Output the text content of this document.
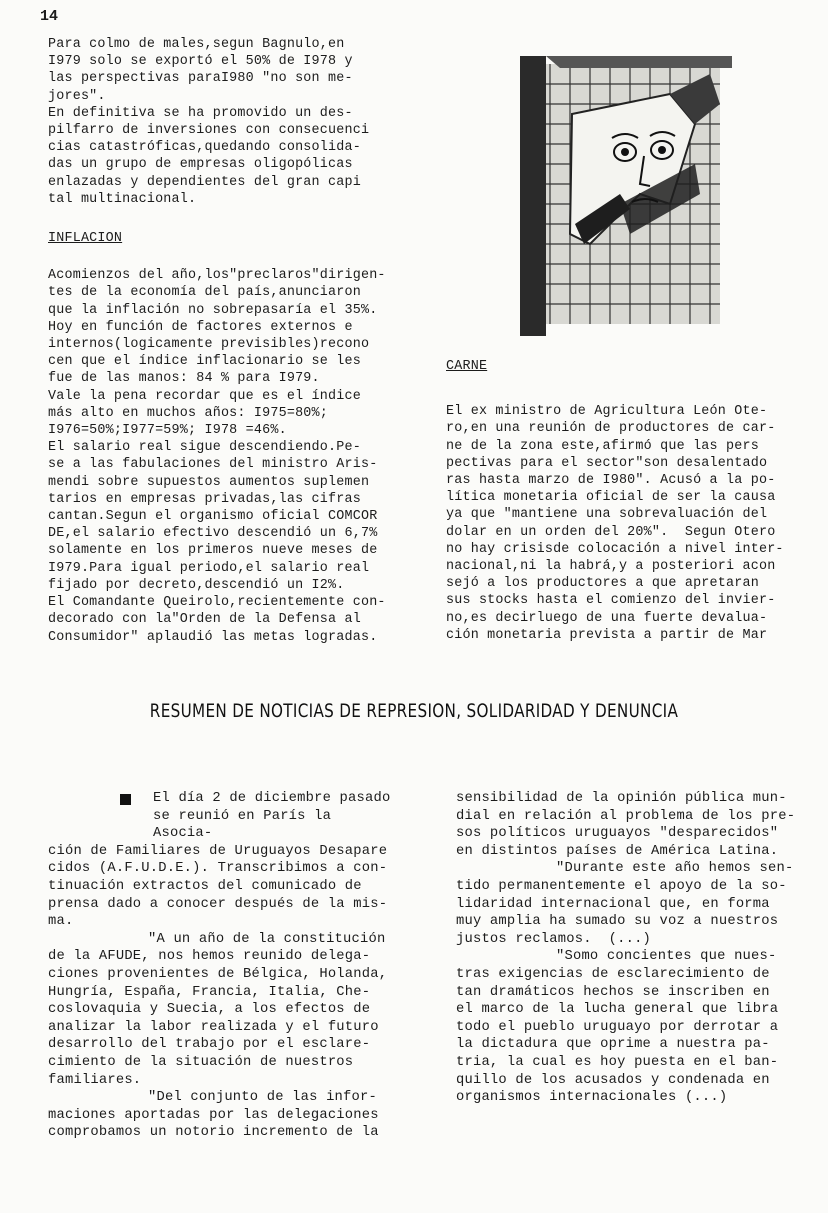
14

Para colmo de males,segun Bagnulo,en
I979 solo se exportó el 50% de I978 y
las perspectivas paraI980 "no son me-
jores".
En definitiva se ha promovido un des-
pilfarro de inversiones con consecuenci
cias catastróficas,quedando consolida-
das un grupo de empresas oligopólicas
enlazadas y dependientes del gran capi
tal multinacional.

INFLACION

Acomienzos del año,los"preclaros"dirigen-
tes de la economía del país,anunciaron
que la inflación no sobrepasaría el 35%.
Hoy en función de factores externos e
internos(logicamente previsibles)recono
cen que el índice inflacionario se les
fue de las manos: 84 % para I979.
Vale la pena recordar que es el índice
más alto en muchos años: I975=80%;
I976=50%;I977=59%; I978 =46%.
El salario real sigue descendiendo.Pe-
se a las fabulaciones del ministro Aris-
mendi sobre supuestos aumentos suplemen
tarios en empresas privadas,las cifras
cantan.Segun el organismo oficial COMCOR
DE,el salario efectivo descendió un 6,7%
solamente en los primeros nueve meses de
I979.Para igual periodo,el salario real
fijado por decreto,descendió un I2%.
El Comandante Queirolo,recientemente con-
decorado con la"Orden de la Defensa al
Consumidor" aplaudió las metas logradas.

CARNE

El ex ministro de Agricultura León Ote-
ro,en una reunión de productores de car-
ne de la zona este,afirmó que las pers
pectivas para el sector"son desalentado
ras hasta marzo de I980". Acusó a la po-
lítica monetaria oficial de ser la causa
ya que "mantiene una sobrevaluación del
dolar en un orden del 20%".  Segun Otero
no hay crisisde colocación a nivel inter-
nacional,ni la habrá,y a posteriori acon
sejó a los productores a que apretaran
sus stocks hasta el comienzo del invier-
no,es decirluego de una fuerte devalua-
ción monetaria prevista a partir de Mar

RESUMEN DE NOTICIAS DE REPRESION, SOLIDARIDAD Y DENUNCIA

El día 2 de diciembre pasado
se reunió en París la Asocia-
ción de Familiares de Uruguayos Desapare
cidos (A.F.U.D.E.). Transcribimos a con-
tinuación extractos del comunicado de
prensa dado a conocer después de la mis-
ma.

"A un año de la constitución
de la AFUDE, nos hemos reunido delega-
ciones provenientes de Bélgica, Holanda,
Hungría, España, Francia, Italia, Che-
coslovaquia y Suecia, a los efectos de
analizar la labor realizada y el futuro
desarrollo del trabajo por el esclare-
cimiento de la situación de nuestros
familiares.

"Del conjunto de las infor-
maciones aportadas por las delegaciones
comprobamos un notorio incremento de la

sensibilidad de la opinión pública mun-
dial en relación al problema de los pre-
sos políticos uruguayos "desparecidos"
en distintos países de América Latina.

"Durante este año hemos sen-
tido permanentemente el apoyo de la so-
lidaridad internacional que, en forma
muy amplia ha sumado su voz a nuestros
justos reclamos.  (...)

"Somo concientes que nues-
tras exigencias de esclarecimiento de
tan dramáticos hechos se inscriben en
el marco de la lucha general que libra
todo el pueblo uruguayo por derrotar a
la dictadura que oprime a nuestra pa-
tria, la cual es hoy puesta en el ban-
quillo de los acusados y condenada en
organismos internacionales (...)
